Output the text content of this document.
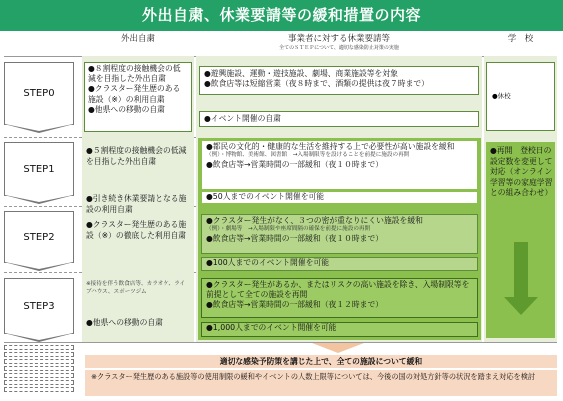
外出自粛、休業要請等の緩和措置の内容
外出自粛	事業者に対する休業要請等
全てのＳＴＥＰについて、適切な感染防止対策の実施
学　校
STEP0
STEP1
STEP2
STEP3
●８割程度の接触機会の低減を目指した外出自粛
●クラスター発生歴のある施設（※）の利用自粛
●他県への移動の自粛
●５割程度の接触機会の低減を目指した外出自粛
●引き続き休業要請となる施設の利用自粛
●クラスター発生歴のある施設（※）の徹底した利用自粛
※接待を伴う飲食店等、カラオケ、ライブハウス、スポーツジム
●他県への移動の自粛
●遊興施設、運動・遊技施設、劇場、商業施設等を対象
●飲食店等は短縮営業（夜８時まで、酒類の提供は夜７時まで）
●イベント開催の自粛
●都民の文化的・健康的な生活を維持する上で必要性が高い施設を緩和
（例）・博物館、美術館、図書館　→入場制限等を設けることを前提に施設の再開
●飲食店等→営業時間の一部緩和（夜１０時まで）
●50人までのイベント開催を可能
●クラスター発生がなく、３つの密が重なりにくい施設を緩和
（例）・劇場等　→入場制限や座席間隔の確保を前提に施設の再開
●飲食店等→営業時間の一部緩和（夜１０時まで）
●100人までのイベント開催を可能
●クラスター発生があるか、またはリスクの高い施設を除き、入場制限等を前提として全ての施設を再開
●飲食店等→営業時間の一部緩和（夜１２時まで）
●1,000人までのイベント開催を可能
●休校
●再開　登校日の設定数を変更して対応（オンライン学習等の家庭学習との組み合わせ）
適切な感染予防策を講じた上で、全ての施設について緩和
※クラスター発生歴のある施設等の使用制限の緩和やイベントの人数上限等については、今後の国の対処方針等の状況を踏まえ対応を検討
